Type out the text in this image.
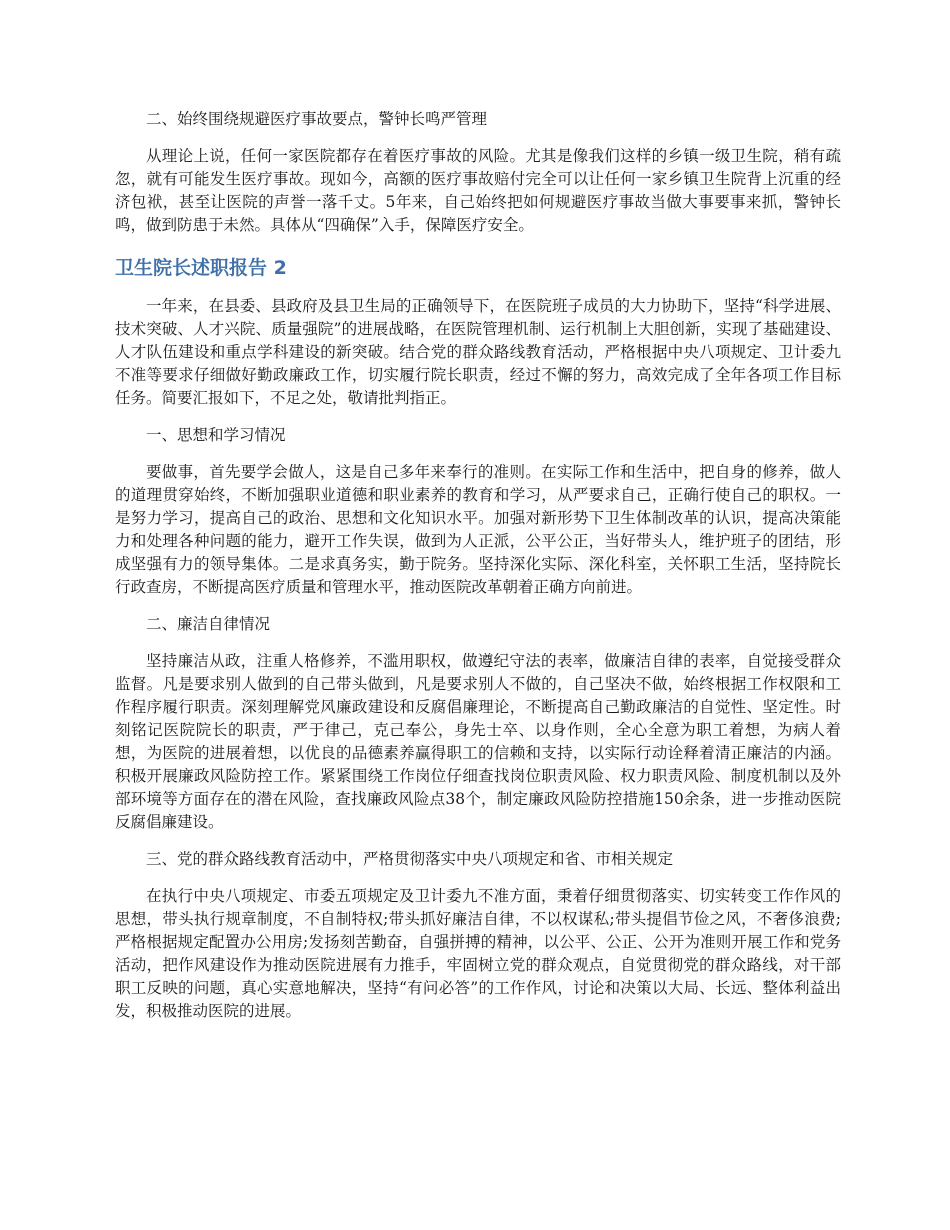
二、始终围绕规避医疗事故要点，警钟长鸣严管理

从理论上说，任何一家医院都存在着医疗事故的风险。尤其是像我们这样的乡镇一级卫生院，稍有疏忽，就有可能发生医疗事故。现如今，高额的医疗事故赔付完全可以让任何一家乡镇卫生院背上沉重的经济包袱，甚至让医院的声誉一落千丈。5年来，自己始终把如何规避医疗事故当做大事要事来抓，警钟长鸣，做到防患于未然。具体从“四确保”入手，保障医疗安全。

卫生院长述职报告 2

一年来，在县委、县政府及县卫生局的正确领导下，在医院班子成员的大力协助下，坚持“科学进展、技术突破、人才兴院、质量强院”的进展战略，在医院管理机制、运行机制上大胆创新，实现了基础建设、人才队伍建设和重点学科建设的新突破。结合党的群众路线教育活动，严格根据中央八项规定、卫计委九不准等要求仔细做好勤政廉政工作，切实履行院长职责，经过不懈的努力，高效完成了全年各项工作目标任务。简要汇报如下，不足之处，敬请批判指正。

一、思想和学习情况

要做事，首先要学会做人，这是自己多年来奉行的准则。在实际工作和生活中，把自身的修养，做人的道理贯穿始终，不断加强职业道德和职业素养的教育和学习，从严要求自己，正确行使自己的职权。一是努力学习，提高自己的政治、思想和文化知识水平。加强对新形势下卫生体制改革的认识，提高决策能力和处理各种问题的能力，避开工作失误，做到为人正派，公平公正，当好带头人，维护班子的团结，形成坚强有力的领导集体。二是求真务实，勤于院务。坚持深化实际、深化科室，关怀职工生活，坚持院长行政查房，不断提高医疗质量和管理水平，推动医院改革朝着正确方向前进。

二、廉洁自律情况

坚持廉洁从政，注重人格修养，不滥用职权，做遵纪守法的表率，做廉洁自律的表率，自觉接受群众监督。凡是要求别人做到的自己带头做到，凡是要求别人不做的，自己坚决不做，始终根据工作权限和工作程序履行职责。深刻理解党风廉政建设和反腐倡廉理论，不断提高自己勤政廉洁的自觉性、坚定性。时刻铭记医院院长的职责，严于律己，克己奉公，身先士卒、以身作则，全心全意为职工着想，为病人着想，为医院的进展着想，以优良的品德素养赢得职工的信赖和支持，以实际行动诠释着清正廉洁的内涵。积极开展廉政风险防控工作。紧紧围绕工作岗位仔细查找岗位职责风险、权力职责风险、制度机制以及外部环境等方面存在的潜在风险，查找廉政风险点38个，制定廉政风险防控措施150余条，进一步推动医院反腐倡廉建设。

三、党的群众路线教育活动中，严格贯彻落实中央八项规定和省、市相关规定

在执行中央八项规定、市委五项规定及卫计委九不准方面，秉着仔细贯彻落实、切实转变工作作风的思想，带头执行规章制度，不自制特权;带头抓好廉洁自律，不以权谋私;带头提倡节俭之风，不奢侈浪费;严格根据规定配置办公用房;发扬刻苦勤奋，自强拼搏的精神，以公平、公正、公开为准则开展工作和党务活动，把作风建设作为推动医院进展有力推手，牢固树立党的群众观点，自觉贯彻党的群众路线，对干部职工反映的问题，真心实意地解决，坚持“有问必答”的工作作风，讨论和决策以大局、长远、整体利益出发，积极推动医院的进展。
